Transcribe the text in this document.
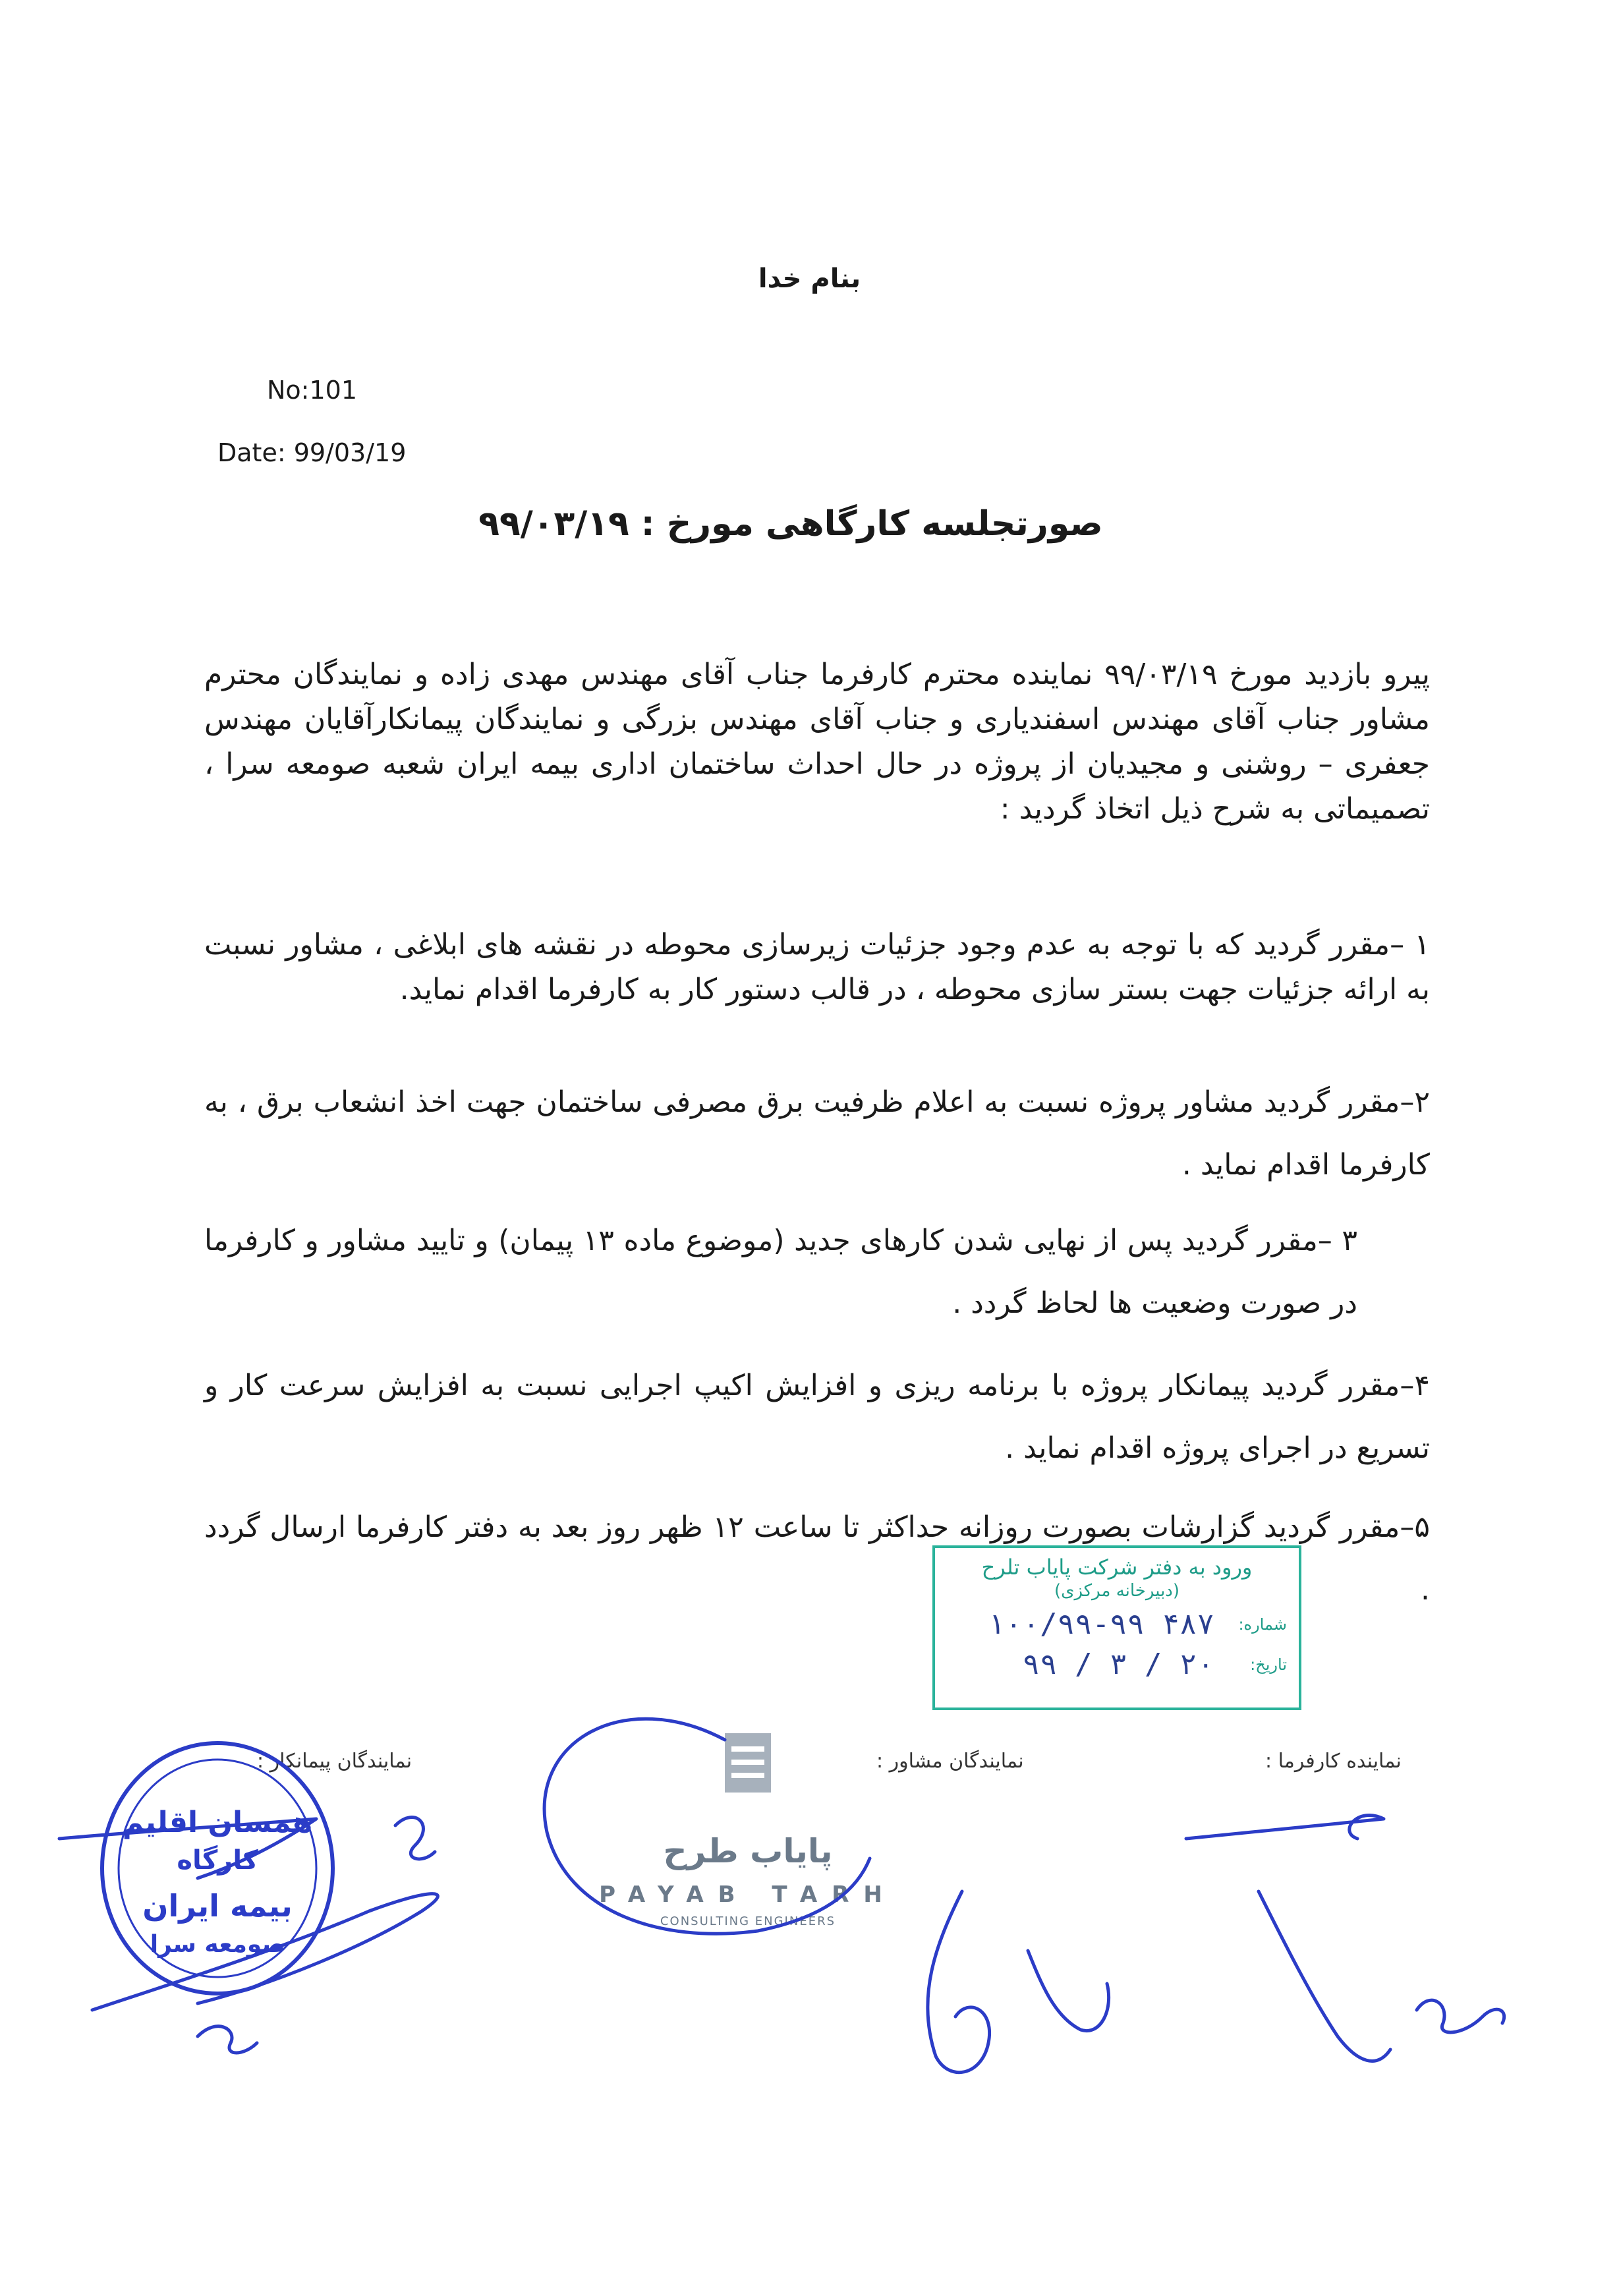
بنام خدا
No:101
Date: 99/03/19
صورتجلسه کارگاهی مورخ : ۹۹/۰۳/۱۹
پیرو بازدید مورخ ۹۹/۰۳/۱۹ نماینده محترم کارفرما جناب آقای مهندس مهدی زاده و نمایندگان محترم مشاور جناب آقای مهندس اسفندیاری و جناب آقای مهندس بزرگی و نمایندگان پیمانکارآقایان مهندس جعفری – روشنی و مجیدیان از پروژه در حال احداث ساختمان اداری بیمه ایران شعبه صومعه سرا ، تصمیماتی به شرح ذیل اتخاذ گردید :
۱ –مقرر گردید که با توجه به عدم وجود جزئیات زیرسازی محوطه در نقشه های ابلاغی ، مشاور نسبت به ارائه جزئیات جهت بستر سازی محوطه ، در قالب دستور کار به کارفرما اقدام نماید.
۲–مقرر گردید مشاور پروژه نسبت به اعلام ظرفیت برق مصرفی ساختمان جهت اخذ انشعاب برق ، به کارفرما اقدام نماید .
۳ –مقرر گردید پس از نهایی شدن کارهای جدید (موضوع ماده ۱۳ پیمان) و تایید مشاور و کارفرما در صورت وضعیت ها لحاظ گردد .
۴–مقرر گردید پیمانکار پروژه با برنامه ریزی و افزایش اکیپ اجرایی نسبت به افزایش سرعت کار و تسریع در اجرای پروژه اقدام نماید .
۵–مقرر گردید گزارشات بصورت روزانه حداکثر تا ساعت ۱۲ ظهر روز بعد به دفتر کارفرما ارسال گردد .
ورود به دفتر شرکت پایاب تلرح
(دبیرخانه مرکزی)
شماره:
۱۰۰/۹۹-۹۹ ۴۸۷
تاریخ:
۹۹ / ۳ / ۲۰
نماینده کارفرما :
نمایندگان مشاور :
نمایندگان پیمانکار :
پایاب طرح
PAYAB TARH
CONSULTING ENGINEERS
همسان اقلیم
کارگاه
بیمه ایران
صومعه سرا
